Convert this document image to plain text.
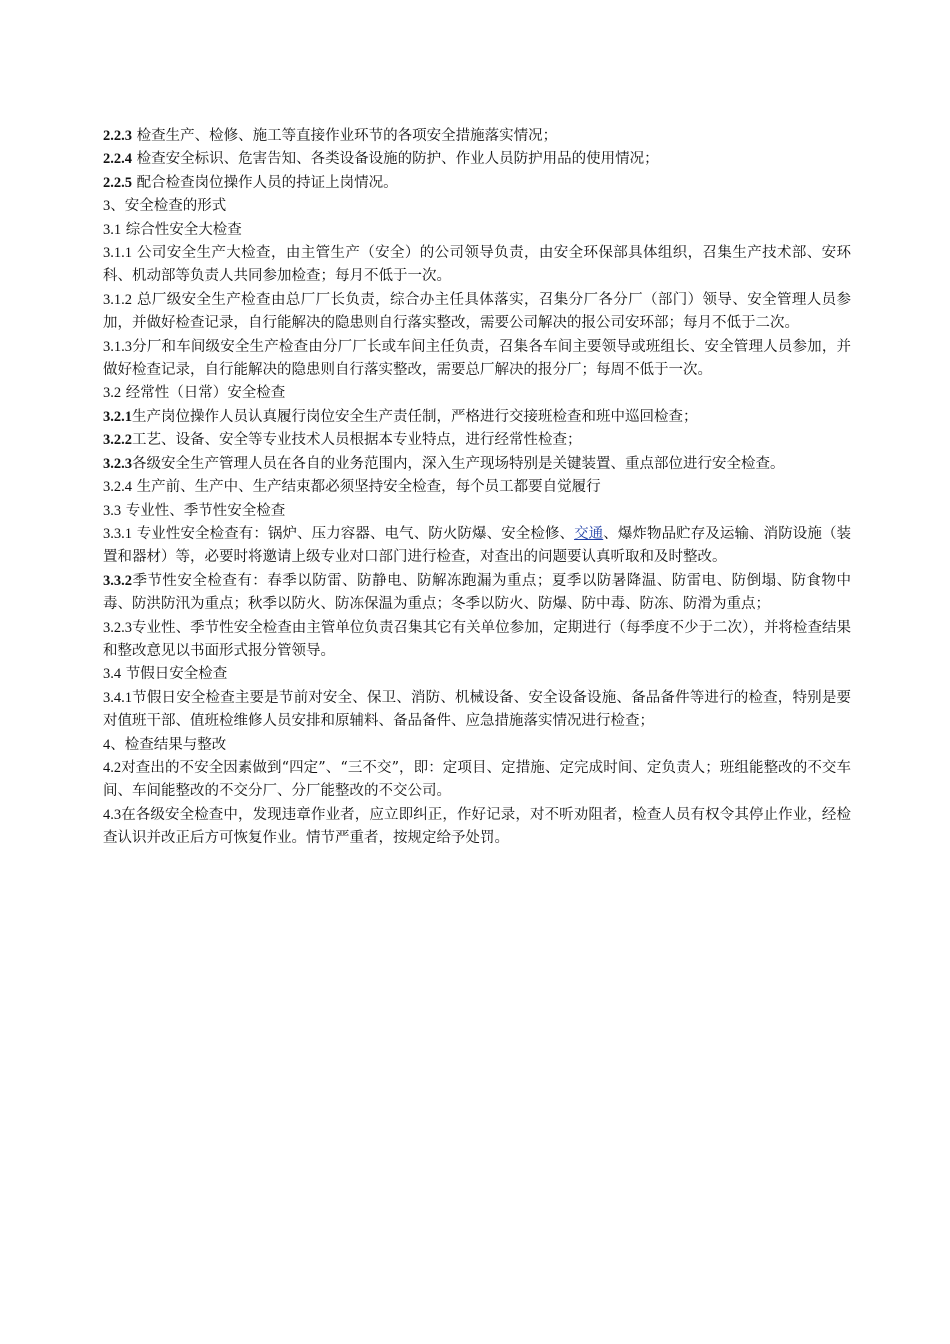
2.2.3 检查生产、检修、施工等直接作业环节的各项安全措施落实情况；

2.2.4 检查安全标识、危害告知、各类设备设施的防护、作业人员防护用品的使用情况；

2.2.5 配合检查岗位操作人员的持证上岗情况。

3、安全检查的形式

3.1 综合性安全大检查

3.1.1 公司安全生产大检查，由主管生产（安全）的公司领导负责，由安全环保部具体组织，召集生产技术部、安环科、机动部等负责人共同参加检查；每月不低于一次。

3.1.2 总厂级安全生产检查由总厂厂长负责，综合办主任具体落实，召集分厂各分厂（部门）领导、安全管理人员参加，并做好检查记录，自行能解决的隐患则自行落实整改，需要公司解决的报公司安环部；每月不低于二次。

3.1.3分厂和车间级安全生产检查由分厂厂长或车间主任负责，召集各车间主要领导或班组长、安全管理人员参加，并做好检查记录，自行能解决的隐患则自行落实整改，需要总厂解决的报分厂；每周不低于一次。

3.2 经常性（日常）安全检查

3.2.1生产岗位操作人员认真履行岗位安全生产责任制，严格进行交接班检查和班中巡回检查；

3.2.2工艺、设备、安全等专业技术人员根据本专业特点，进行经常性检查；

3.2.3各级安全生产管理人员在各自的业务范围内，深入生产现场特别是关键装置、重点部位进行安全检查。

3.2.4 生产前、生产中、生产结束都必须坚持安全检查，每个员工都要自觉履行

3.3 专业性、季节性安全检查

3.3.1 专业性安全检查有：锅炉、压力容器、电气、防火防爆、安全检修、交通、爆炸物品贮存及运输、消防设施（装置和器材）等，必要时将邀请上级专业对口部门进行检查，对查出的问题要认真听取和及时整改。

3.3.2季节性安全检查有：春季以防雷、防静电、防解冻跑漏为重点；夏季以防暑降温、防雷电、防倒塌、防食物中毒、防洪防汛为重点；秋季以防火、防冻保温为重点；冬季以防火、防爆、防中毒、防冻、防滑为重点；

3.2.3专业性、季节性安全检查由主管单位负责召集其它有关单位参加，定期进行（每季度不少于二次），并将检查结果和整改意见以书面形式报分管领导。

3.4 节假日安全检查

3.4.1节假日安全检查主要是节前对安全、保卫、消防、机械设备、安全设备设施、备品备件等进行的检查，特别是要对值班干部、值班检维修人员安排和原辅料、备品备件、应急措施落实情况进行检查；

4、检查结果与整改

4.2对查出的不安全因素做到“四定”、“三不交”，即：定项目、定措施、定完成时间、定负责人；班组能整改的不交车间、车间能整改的不交分厂、分厂能整改的不交公司。

4.3在各级安全检查中，发现违章作业者，应立即纠正，作好记录，对不听劝阻者，检查人员有权令其停止作业，经检查认识并改正后方可恢复作业。情节严重者，按规定给予处罚。
